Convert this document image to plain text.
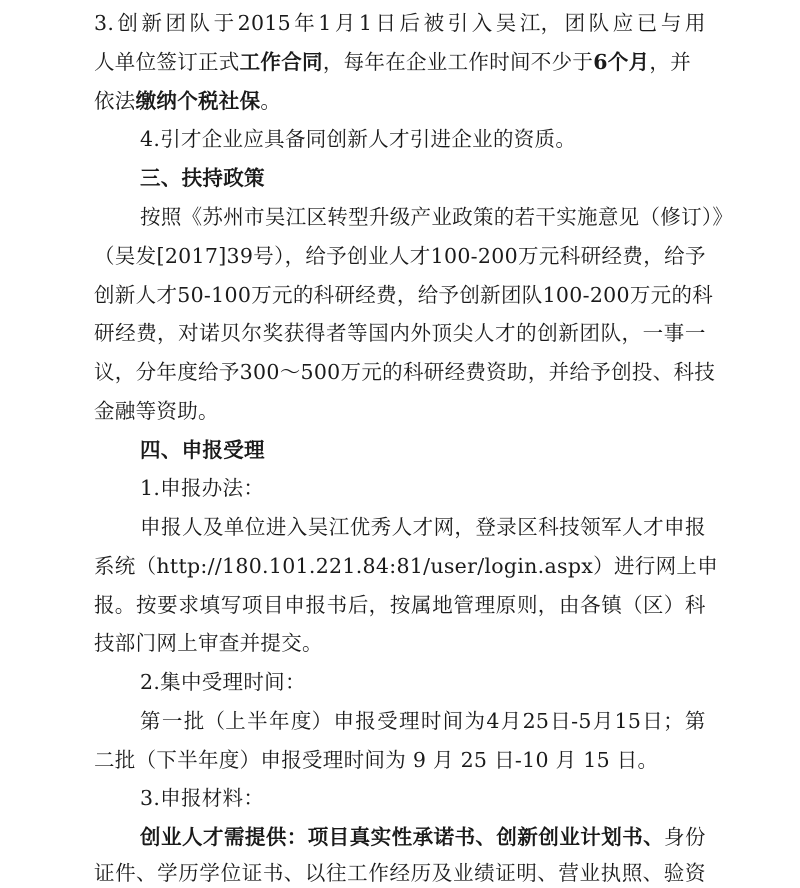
3. 创 新 团 队 于 2015 年 1 月 1 日 后 被 引 入 吴 江， 团 队 应 已 与 用
人单位签订正式工作合同，每年在企业工作时间不少于6个月，并
依法缴纳个税社保。
4.引才企业应具备同创新人才引进企业的资质。
三、扶持政策
按 照《苏 州 市 吴 江 区 转 型 升 级 产 业 政 策 的 若 干 实 施 意 见（修 订）》
（吴 发 [2017]39 号），给 予 创 业 人 才 100-200 万 元 科 研 经 费， 给 予
创 新 人 才 50-100 万 元 的 科 研 经 费， 给 予 创 新 团 队 100-200 万 元 的 科
研 经 费， 对 诺 贝 尔 奖 获 得 者 等 国 内 外 顶 尖 人 才 的 创 新 团 队， 一 事 一
议， 分 年 度 给 予 300～500 万 元 的 科 研 经 费 资 助， 并 给 予 创 投、 科 技
金融等资助。
四、申报受理
1.申报办法：
申 报 人 及 单 位 进 入 吴 江 优 秀 人 才 网， 登 录 区 科 技 领 军 人 才 申 报
系统（http://180.101.221.84:81/user/login.aspx） 进 行 网 上 申
报。 按 要 求 填 写 项 目 申 报 书 后， 按 属 地 管 理 原 则， 由 各 镇（区） 科
技部门网上审查并提交。
2.集中受理时间：
第 一 批（上 半 年 度） 申 报 受 理 时 间 为 4 月 25 日-5 月 15 日； 第
二批（下半年度）申报受理时间为 9 月 25 日-10 月 15 日。
3.申报材料：
创 业 人 才 需 提 供： 项 目 真 实 性 承 诺 书、 创 新 创 业 计 划 书、 身 份
证 件、 学 历 学 位 证 书、 以 往 工 作 经 历 及 业 绩 证 明、 营 业 执 照、 验 资
